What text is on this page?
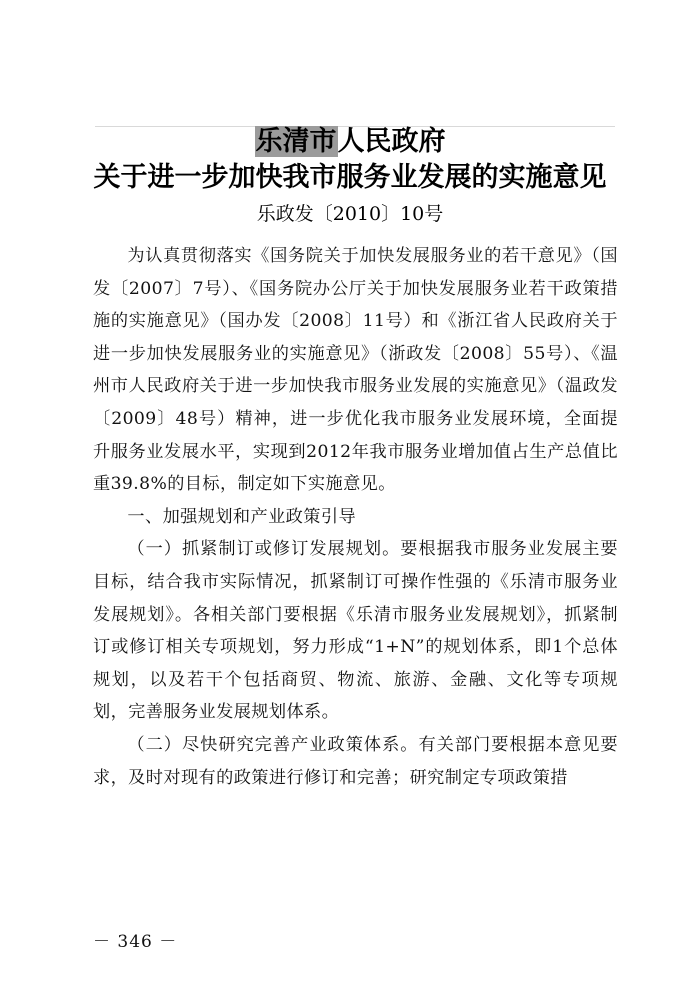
乐清市人民政府
关于进一步加快我市服务业发展的实施意见
乐政发〔2010〕10号

为认真贯彻落实《国务院关于加快发展服务业的若干意见》（国发〔2007〕7号）、《国务院办公厅关于加快发展服务业若干政策措施的实施意见》（国办发〔2008〕11号）和《浙江省人民政府关于进一步加快发展服务业的实施意见》（浙政发〔2008〕55号）、《温州市人民政府关于进一步加快我市服务业发展的实施意见》（温政发〔2009〕48号）精神，进一步优化我市服务业发展环境，全面提升服务业发展水平，实现到2012年我市服务业增加值占生产总值比重39.8%的目标，制定如下实施意见。

一、加强规划和产业政策引导

（一）抓紧制订或修订发展规划。要根据我市服务业发展主要目标，结合我市实际情况，抓紧制订可操作性强的《乐清市服务业发展规划》。各相关部门要根据《乐清市服务业发展规划》，抓紧制订或修订相关专项规划，努力形成“1+N”的规划体系，即1个总体规划，以及若干个包括商贸、物流、旅游、金融、文化等专项规划，完善服务业发展规划体系。

（二）尽快研究完善产业政策体系。有关部门要根据本意见要求，及时对现有的政策进行修订和完善；研究制定专项政策措

－ 346 －
